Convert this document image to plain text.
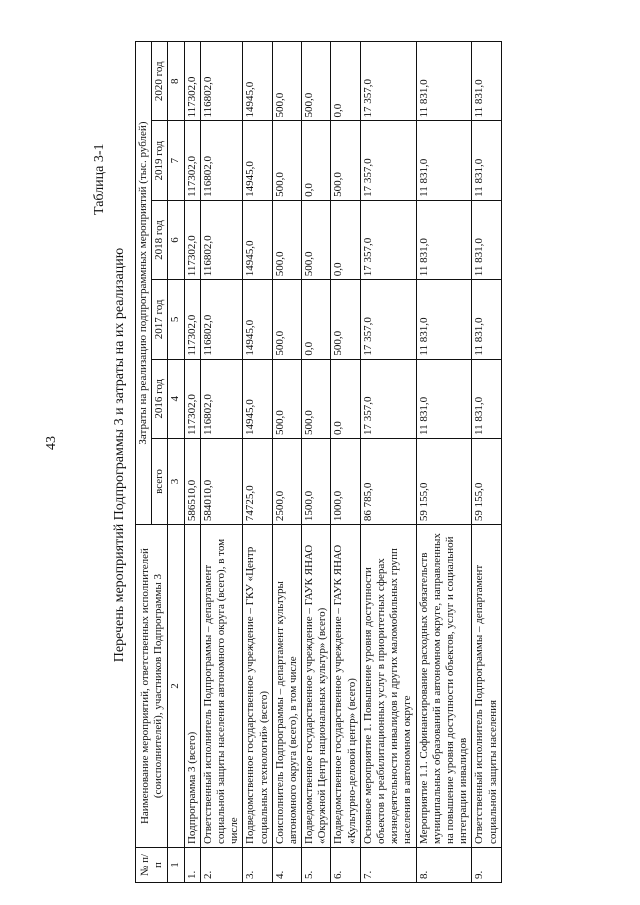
43
Таблица 3-1
Перечень мероприятий Подпрограммы 3 и затраты на их реализацию
№ п/п	Наименование мероприятий, ответственных исполнителей (соисполнителей), участников Подпрограммы 3	Затраты на реализацию подпрограммных мероприятий (тыс. рублей)					
		всего	2016 год	2017 год	2018 год	2019 год	2020 год
1	2	3	4	5	6	7	8
1.	Подпрограмма 3 (всего)	586510,0	117302,0	117302,0	117302,0	117302,0	117302,0
2.	Ответственный исполнитель Подпрограммы – департамент социальной защиты населения автономного округа (всего), в том числе	584010,0	116802,0	116802,0	116802,0	116802,0	116802,0
3.	Подведомственное государственное учреждение – ГКУ «Центр социальных технологий» (всего)	74725,0	14945,0	14945,0	14945,0	14945,0	14945,0
4.	Соисполнитель Подпрограммы – департамент культуры автономного округа (всего), в том числе	2500,0	500,0	500,0	500,0	500,0	500,0
5.	Подведомственное государственное учреждение – ГАУК ЯНАО «Окружной Центр национальных культур» (всего)	1500,0	500,0	0,0	500,0	0,0	500,0
6.	Подведомственное государственное учреждение – ГАУК ЯНАО «Культурно-деловой центр» (всего)	1000,0	0,0	500,0	0,0	500,0	0,0
7.	Основное мероприятие 1. Повышение уровня доступности объектов и реабилитационных услуг в приоритетных сферах жизнедеятельности инвалидов и других маломобильных групп населения в автономном округе	86 785,0	17 357,0	17 357,0	17 357,0	17 357,0	17 357,0
8.	Мероприятие 1.1. Софинансирование расходных обязательств муниципальных образований в автономном округе, направленных на повышение уровня доступности объектов, услуг и социальной интеграции инвалидов	59 155,0	11 831,0	11 831,0	11 831,0	11 831,0	11 831,0
9.	Ответственный исполнитель Подпрограммы – департамент социальной защиты населения	59 155,0	11 831,0	11 831,0	11 831,0	11 831,0	11 831,0
